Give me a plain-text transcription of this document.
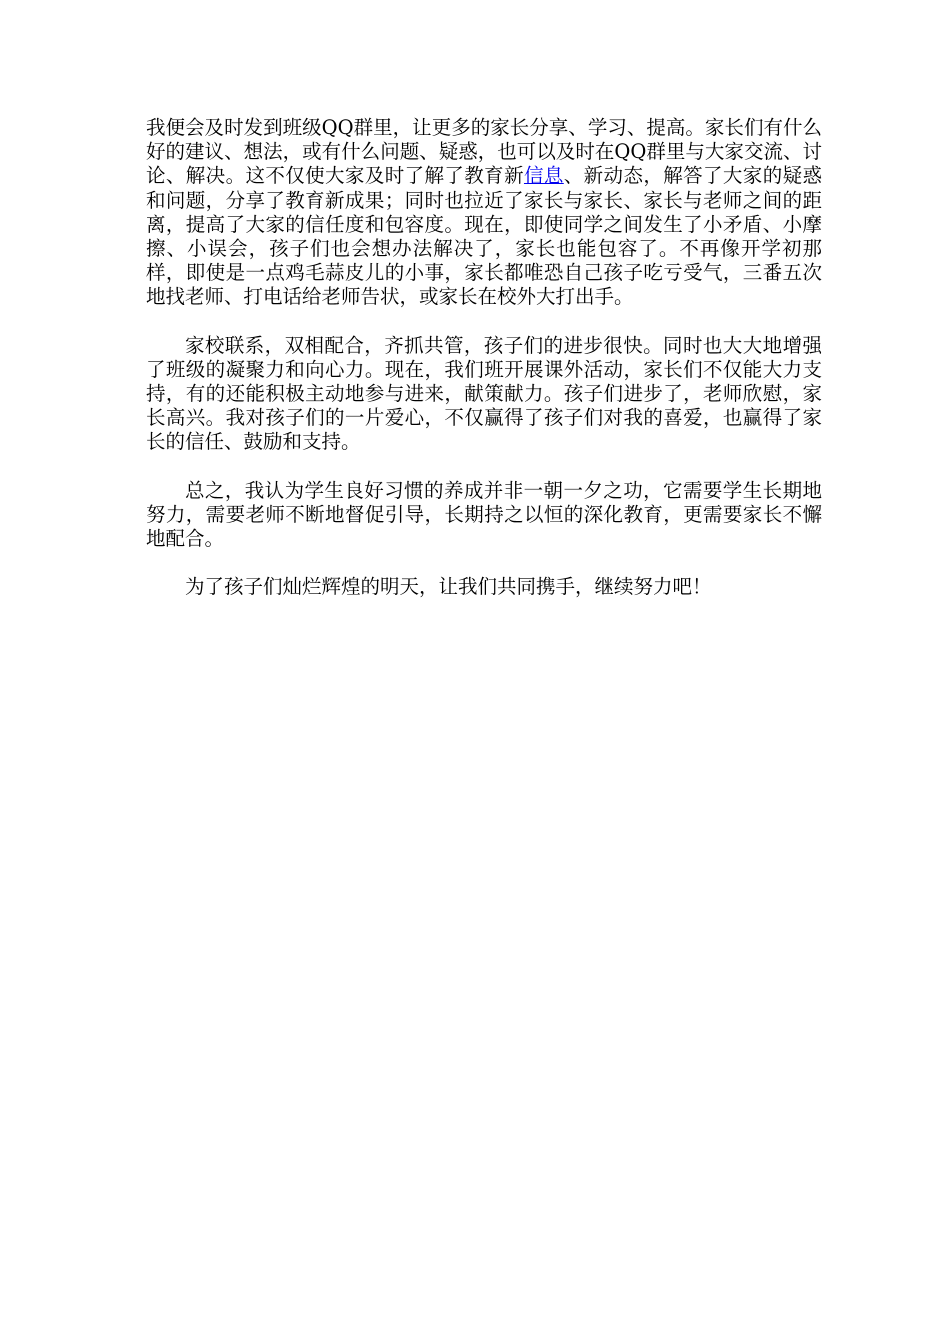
我便会及时发到班级QQ群里，让更多的家长分享、学习、提高。家长们有什么好的建议、想法，或有什么问题、疑惑，也可以及时在QQ群里与大家交流、讨论、解决。这不仅使大家及时了解了教育新信息、新动态，解答了大家的疑惑和问题，分享了教育新成果；同时也拉近了家长与家长、家长与老师之间的距离，提高了大家的信任度和包容度。现在，即使同学之间发生了小矛盾、小摩擦、小误会，孩子们也会想办法解决了，家长也能包容了。不再像开学初那样，即使是一点鸡毛蒜皮儿的小事，家长都唯恐自己孩子吃亏受气，三番五次地找老师、打电话给老师告状，或家长在校外大打出手。

家校联系，双相配合，齐抓共管，孩子们的进步很快。同时也大大地增强了班级的凝聚力和向心力。现在，我们班开展课外活动，家长们不仅能大力支持，有的还能积极主动地参与进来，献策献力。孩子们进步了，老师欣慰，家长高兴。我对孩子们的一片爱心，不仅赢得了孩子们对我的喜爱，也赢得了家长的信任、鼓励和支持。

总之，我认为学生良好习惯的养成并非一朝一夕之功，它需要学生长期地努力，需要老师不断地督促引导，长期持之以恒的深化教育，更需要家长不懈地配合。

为了孩子们灿烂辉煌的明天，让我们共同携手，继续努力吧！
